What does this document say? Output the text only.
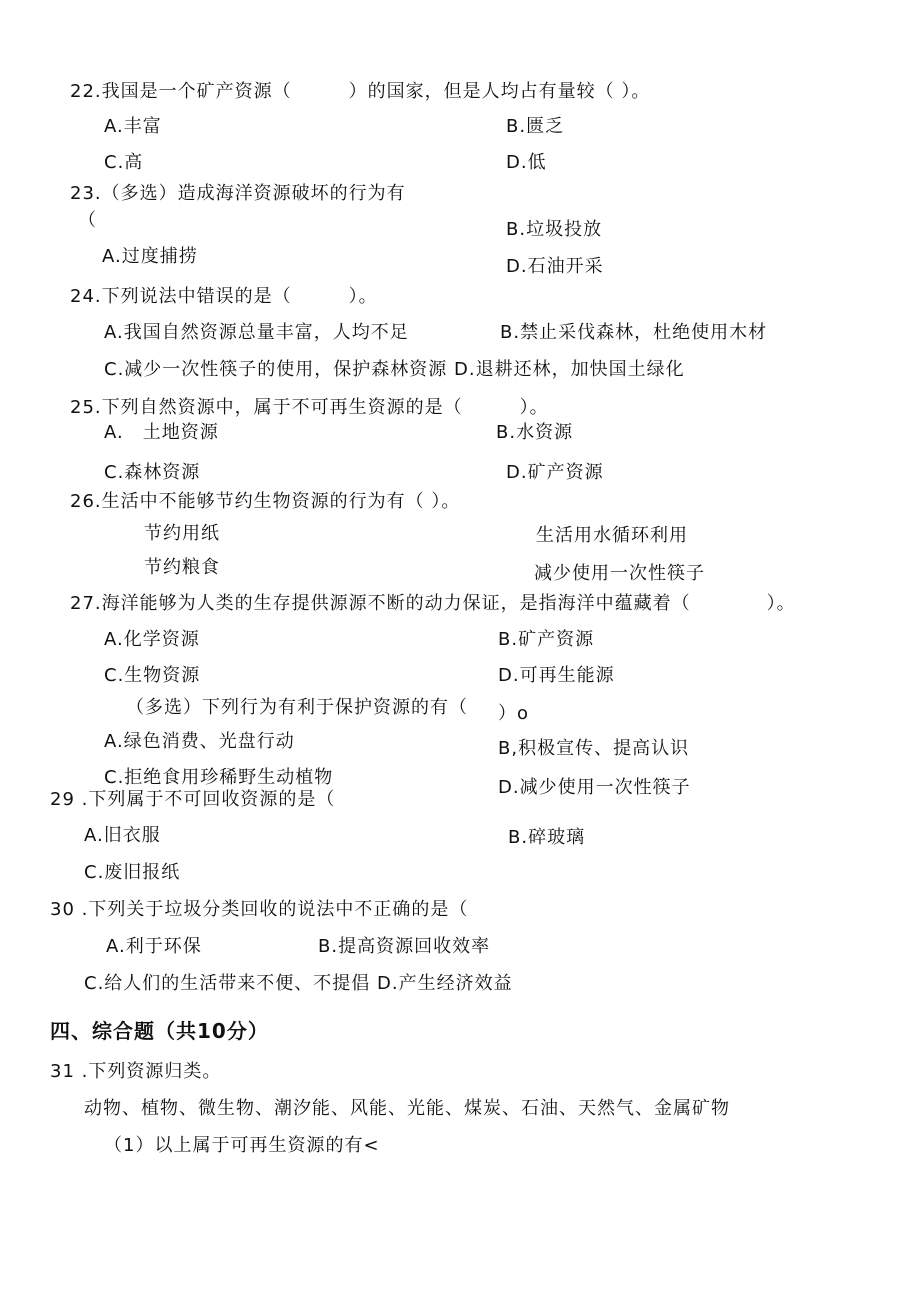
22.我国是一个矿产资源（　　　）的国家，但是人均占有量较（ ）。
A.丰富	B.匮乏
C.高	D.低
23.（多选）造成海洋资源破坏的行为有
（	B.垃圾投放
A.过度捕捞	D.石油开采
24.下列说法中错误的是（　　　）。
A.我国自然资源总量丰富，人均不足	B.禁止采伐森林，杜绝使用木材
C.减少一次性筷子的使用，保护森林资源 D.退耕还林，加快国土绿化
25.下列自然资源中，属于不可再生资源的是（　　　）。
A.　土地资源	B.水资源
C.森林资源	D.矿产资源
26.生活中不能够节约生物资源的行为有（ ）。
节约用纸	生活用水循环利用
节约粮食	减少使用一次性筷子
27.海洋能够为人类的生存提供源源不断的动力保证，是指海洋中蕴藏着（　　　　）。
A.化学资源	B.矿产资源
C.生物资源	D.可再生能源
（多选）下列行为有利于保护资源的有（ ）o
A.绿色消费、光盘行动	B,积极宣传、提高认识
C.拒绝食用珍稀野生动植物	D.减少使用一次性筷子
29 .下列属于不可回收资源的是（
A.旧衣服	B.碎玻璃
C.废旧报纸
30 .下列关于垃圾分类回收的说法中不正确的是（
A.利于环保	B.提高资源回收效率
C.给人们的生活带来不便、不提倡 D.产生经济效益
四、综合题（共10分）
31 .下列资源归类。
动物、植物、微生物、潮汐能、风能、光能、煤炭、石油、天然气、金属矿物
（1）以上属于可再生资源的有<
